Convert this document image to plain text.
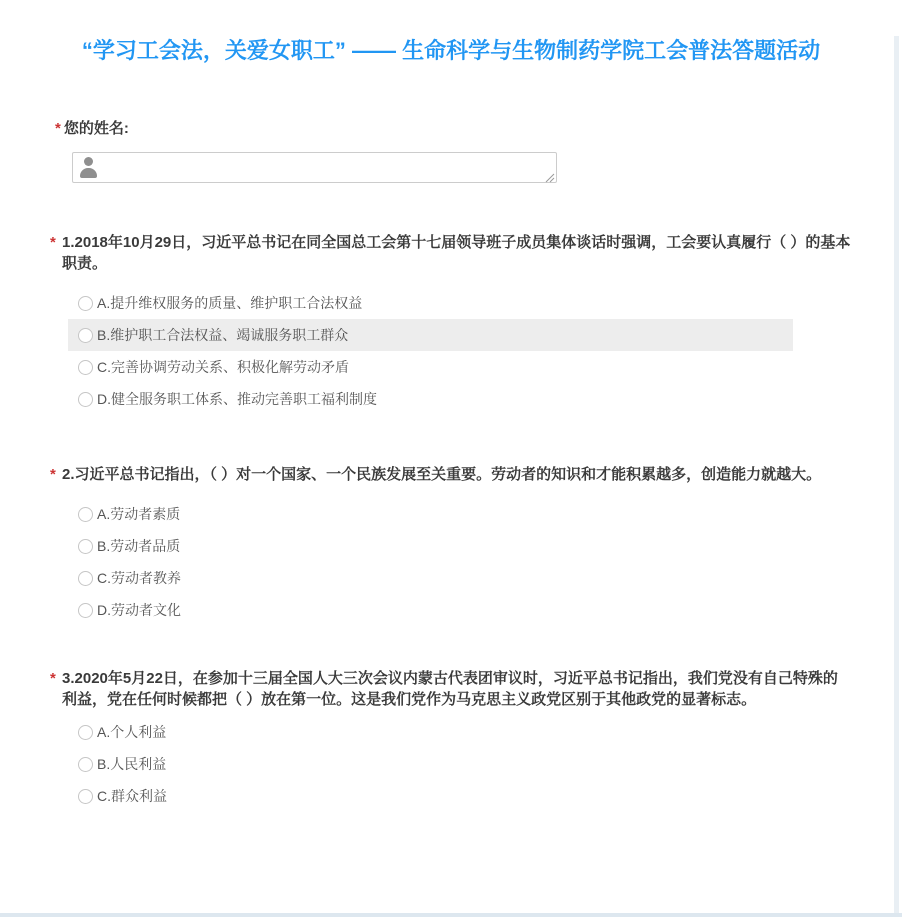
“学习工会法，关爱女职工” —— 生命科学与生物制药学院工会普法答题活动
* 您的姓名:
* 1.2018年10月29日，习近平总书记在同全国总工会第十七届领导班子成员集体谈话时强调，工会要认真履行（ ）的基本职责。
A.提升维权服务的质量、维护职工合法权益
B.维护职工合法权益、竭诚服务职工群众
C.完善协调劳动关系、积极化解劳动矛盾
D.健全服务职工体系、推动完善职工福利制度
* 2.习近平总书记指出，（ ）对一个国家、一个民族发展至关重要。劳动者的知识和才能积累越多，创造能力就越大。
A.劳动者素质
B.劳动者品质
C.劳动者教养
D.劳动者文化
* 3.2020年5月22日，在参加十三届全国人大三次会议内蒙古代表团审议时，习近平总书记指出，我们党没有自己特殊的利益，党在任何时候都把（ ）放在第一位。这是我们党作为马克思主义政党区别于其他政党的显著标志。
A.个人利益
B.人民利益
C.群众利益
